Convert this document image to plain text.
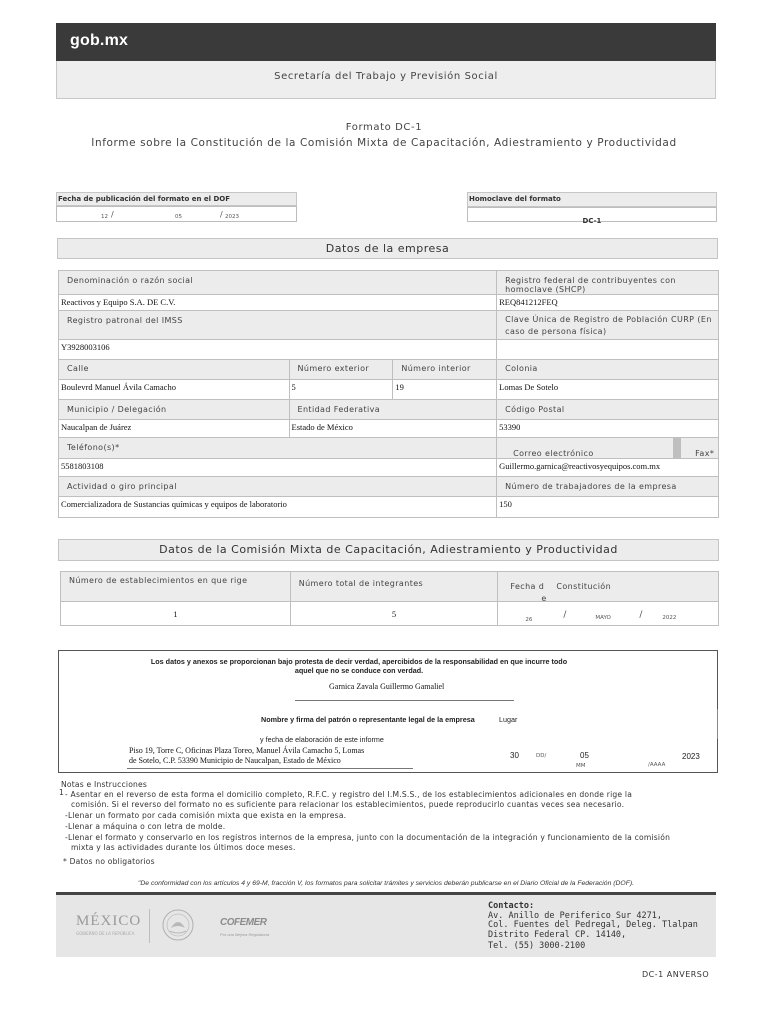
gob.mx
Secretaría del Trabajo y Previsión Social
Formato DC-1
Informe sobre la Constitución de la Comisión Mixta de Capacitación, Adiestramiento y Productividad
Fecha de publicación del formato en el DOF
12 /	05	/ 2023
Homoclave del formato
DC-1
Datos de la empresa
Denominación o razón social			Registro federal de contribuyentes con homoclave (SHCP)

Reactivos y Equipo S.A. DE C.V.			REQ841212FEQ

Registro patronal del IMSS			Clave Única de Registro de Población CURP (En caso de persona física)

Y3928003106			

Calle	Número exterior	Número interior	Colonia

Boulevrd Manuel Ávila Camacho	5	19	Lomas De Sotelo

Municipio / Delegación	Entidad Federativa		Código Postal

Naucalpan de Juárez	Estado de México		53390

Teléfono(s)*			Correo electrónico Fax*

5581803108			Guillermo.garnica@reactivosyequipos.com.mx

Actividad o giro principal			Número de trabajadores de la empresa

Comercializadora de Sustancias químicas y equipos de laboratorio			150
Datos de la Comisión Mixta de Capacitación, Adiestramiento y Productividad
Número de establecimientos en que rige	Número total de integrantes	Fecha d Constitución
e

1	5	26 / MAYO / 2022
Los datos y anexos se proporcionan bajo protesta de decir verdad, apercibidos de la responsabilidad en que incurre todo
aquel que no se conduce con verdad.
Garnica Zavala Guillermo Gamaliel
Nombre y firma del patrón o representante legal de la empresa	Lugar
y fecha de elaboración de este informe
Piso 19, Torre C, Oficinas Plaza Toreo, Manuel Ávila Camacho 5, Lomas
de Sotelo, C.P. 53390 Municipio de Naucalpan, Estado de México
30	DD/	05
MM
2023
/AAAA
Notas e Instrucciones
1 - Asentar en el reverso de esta forma el domicilio completo, R.F.C. y registro del I.M.S.S., de los establecimientos adicionales en donde rige la
comisión. Si el reverso del formato no es suficiente para relacionar los establecimientos, puede reproducirlo cuantas veces sea necesario.
-Llenar un formato por cada comisión mixta que exista en la empresa.
-Llenar a máquina o con letra de molde.
-Llenar el formato y conservarlo en los registros internos de la empresa, junto con la documentación de la integración y funcionamiento de la comisión
mixta y las actividades durante los últimos doce meses.
* Datos no obligatorios
"De conformidad con los artículos 4 y 69-M, fracción V, los formatos para solicitar trámites y servicios deberán publicarse en el Diario Oficial de la Federación (DOF).
MÉXICO
GOBIERNO DE LA REPÚBLICA
COFEMER
Por una Mejora Regulatoria
Contacto:
Av. Anillo de Periferico Sur 4271,
Col. Fuentes del Pedregal, Deleg. Tlalpan
Distrito Federal CP. 14140,
Tel. (55) 3000-2100
DC-1 ANVERSO
